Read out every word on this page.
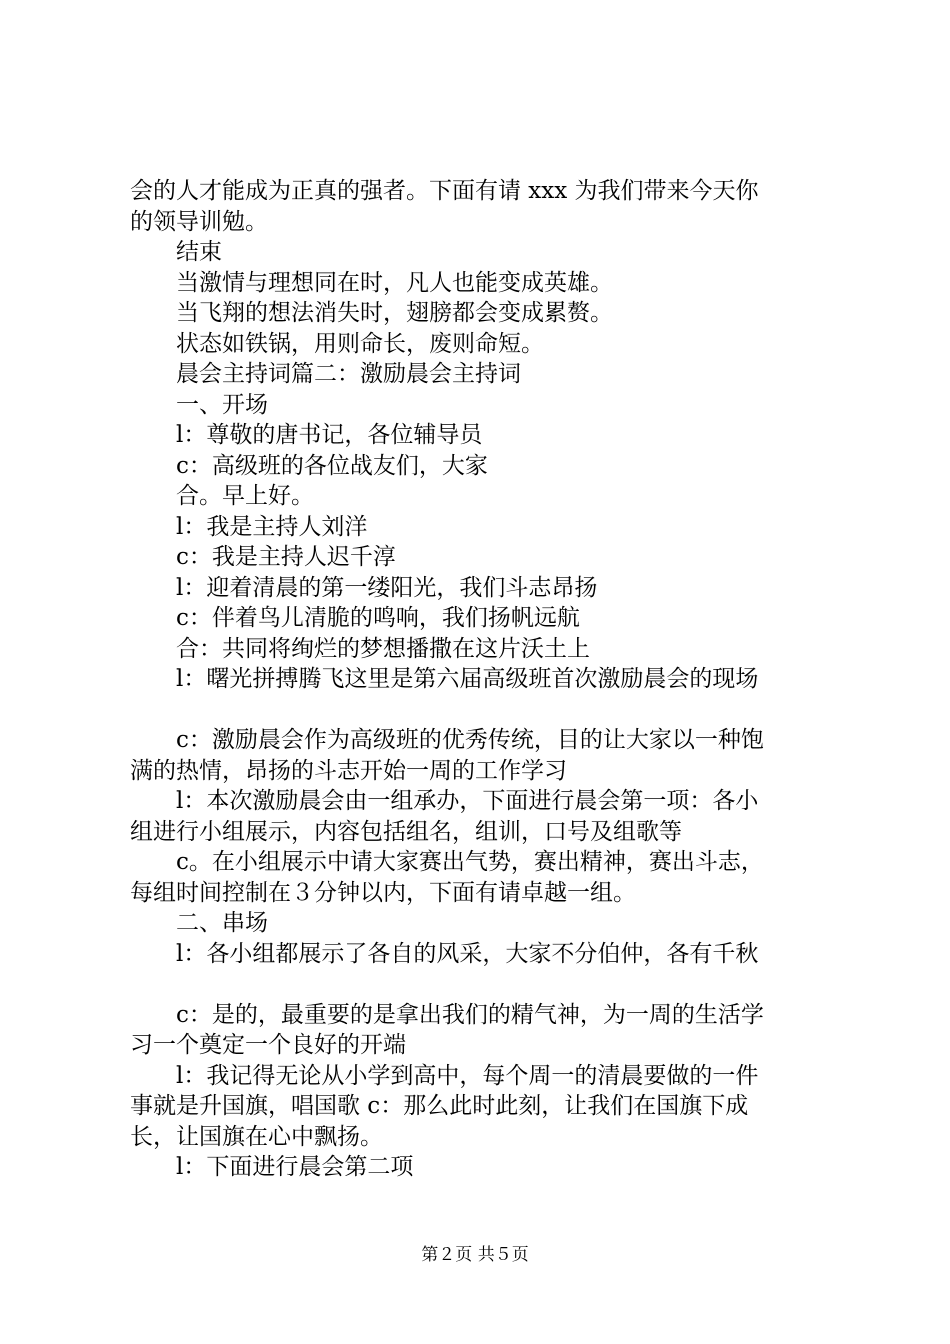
会的人才能成为正真的强者。下面有请 xxx 为我们带来今天你

的领导训勉。

结束

当激情与理想同在时，凡人也能变成英雄。

当飞翔的想法消失时，翅膀都会变成累赘。

状态如铁锅，用则命长，废则命短。

晨会主持词篇二：激励晨会主持词

一、开场

l：尊敬的唐书记，各位辅导员

c：高级班的各位战友们，大家

合。早上好。

l：我是主持人刘洋

c：我是主持人迟千淳

l：迎着清晨的第一缕阳光，我们斗志昂扬

c：伴着鸟儿清脆的鸣响，我们扬帆远航

合：共同将绚烂的梦想播撒在这片沃土上

l：曙光拼搏腾飞这里是第六届高级班首次激励晨会的现场

c：激励晨会作为高级班的优秀传统，目的让大家以一种饱

满的热情，昂扬的斗志开始一周的工作学习

l：本次激励晨会由一组承办，下面进行晨会第一项：各小

组进行小组展示，内容包括组名，组训，口号及组歌等

c。在小组展示中请大家赛出气势，赛出精神，赛出斗志，

每组时间控制在３分钟以内，下面有请卓越一组。

二、串场

l：各小组都展示了各自的风采，大家不分伯仲，各有千秋

c：是的，最重要的是拿出我们的精气神，为一周的生活学

习一个奠定一个良好的开端

l：我记得无论从小学到高中，每个周一的清晨要做的一件

事就是升国旗，唱国歌 c：那么此时此刻，让我们在国旗下成

长，让国旗在心中飘扬。

l：下面进行晨会第二项

第２页 共５页
